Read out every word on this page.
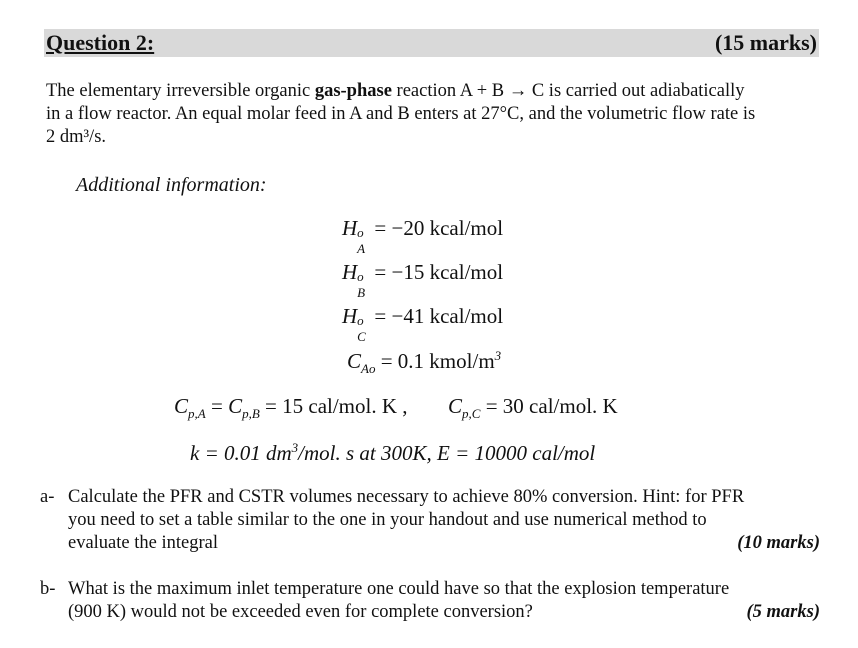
Question 2:	(15 marks)
The elementary irreversible organic gas-phase reaction A + B → C is carried out adiabatically
in a flow reactor. An equal molar feed in A and B enters at 27°C, and the volumetric flow rate is
2 dm³/s.
Additional information:
H o
A
= −20 kcal/mol
H o
B
= −15 kcal/mol
H o
C
= −41 kcal/mol
$C_{Ao} = 0.1$ kmol/$m^3$
$C_{p,A} = C_{p,B} = 15$ cal/mol. K , $C_{p,C} = 30$ cal/mol. K
k = 0.01 $dm^3$/mol. s at 300K, E = 10000 cal/mol
a- Calculate the PFR and CSTR volumes necessary to achieve 80% conversion. Hint: for PFR
you need to set a table similar to the one in your handout and use numerical method to
evaluate the integral	(10 marks)
b- What is the maximum inlet temperature one could have so that the explosion temperature
(900 K) would not be exceeded even for complete conversion?	(5 marks)
